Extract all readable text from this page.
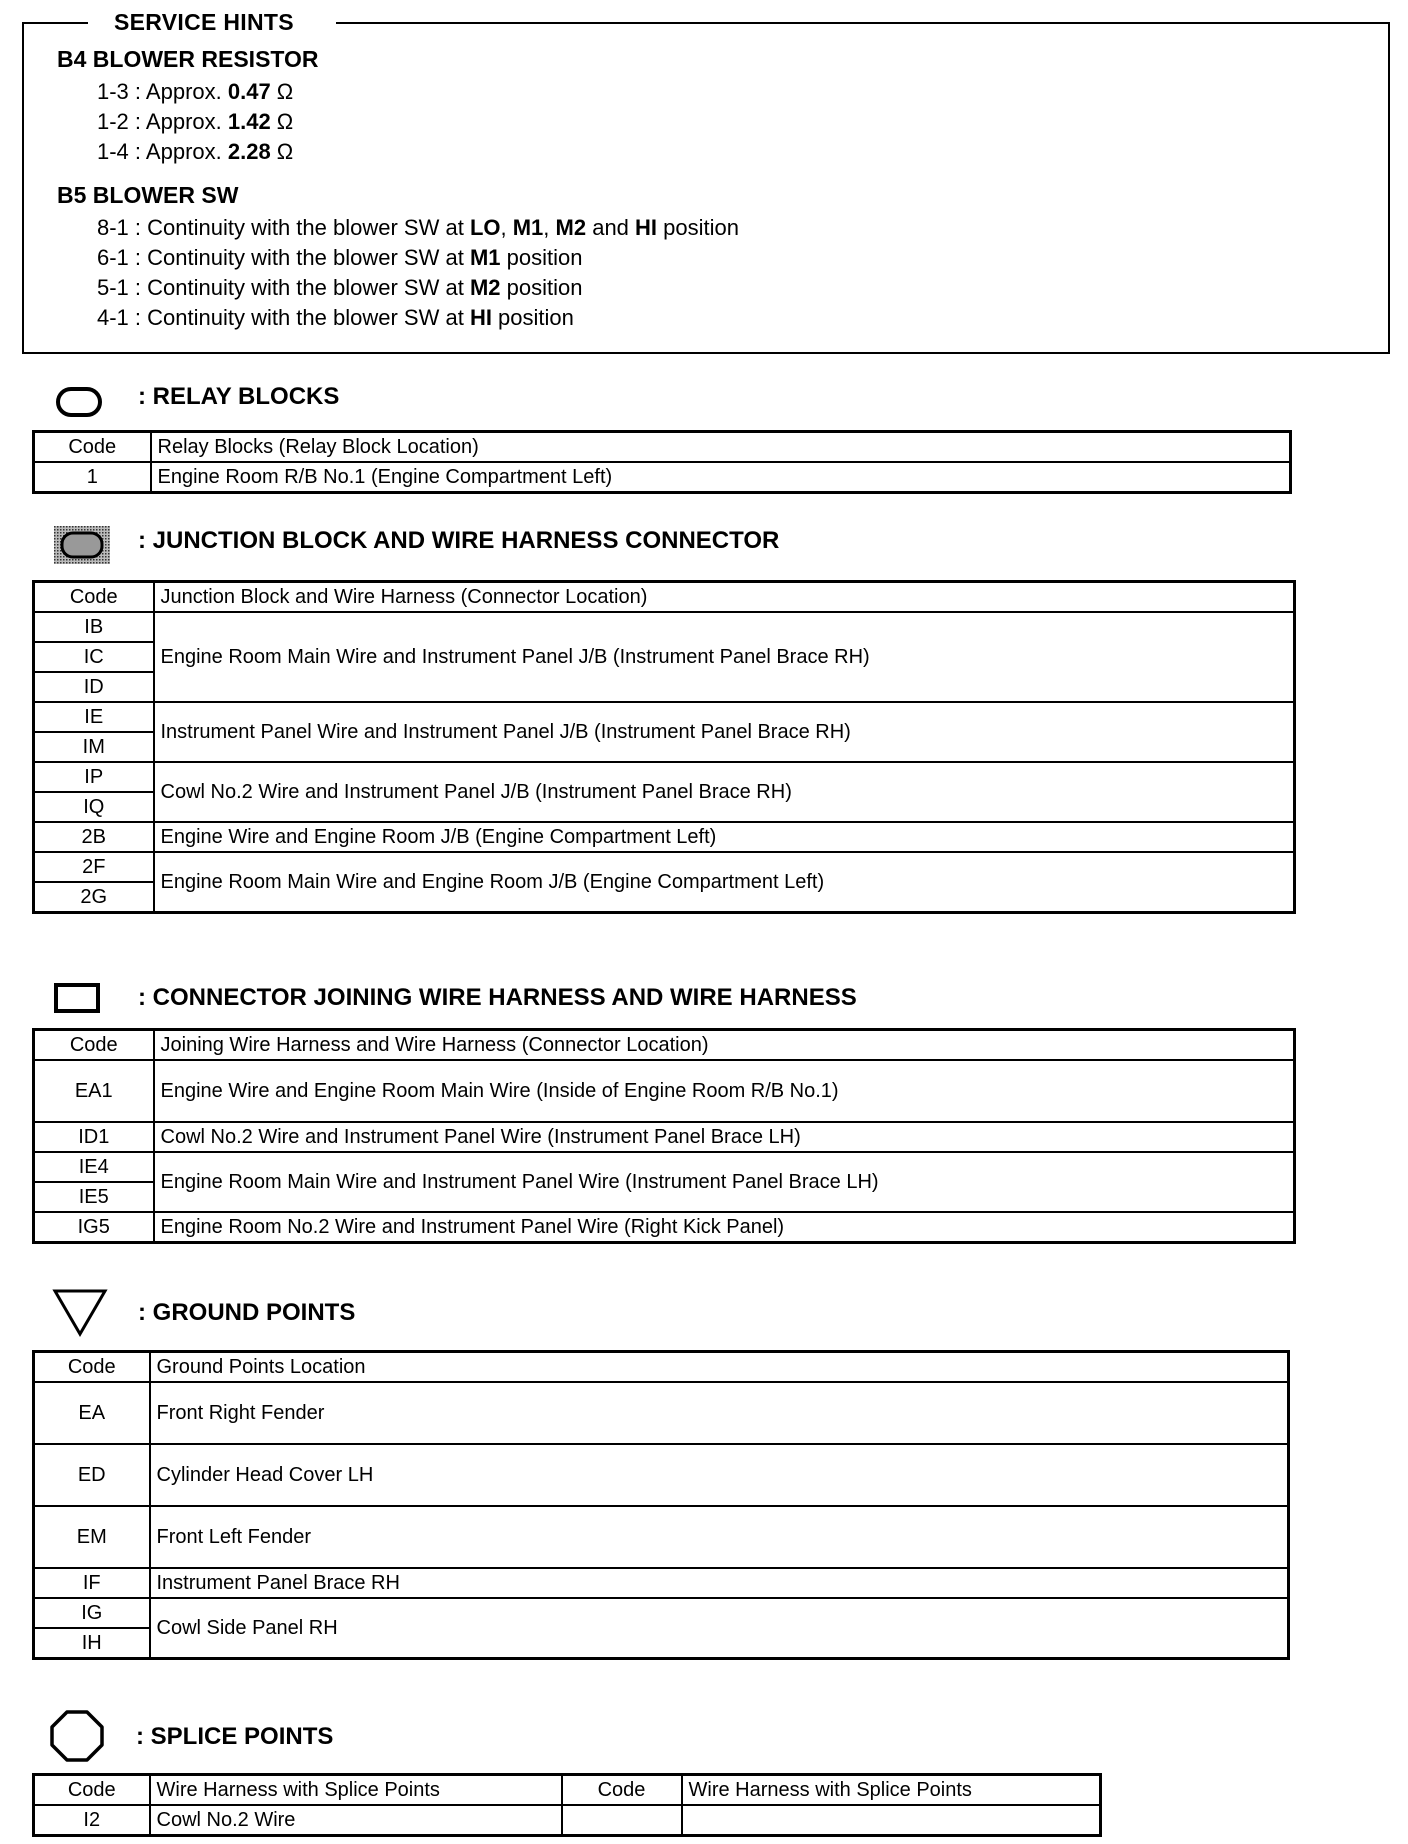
SERVICE HINTS
B4 BLOWER RESISTOR
1-3 : Approx. 0.47 Ω
1-2 : Approx. 1.42 Ω
1-4 : Approx. 2.28 Ω
B5 BLOWER SW
8-1 : Continuity with the blower SW at LO, M1, M2 and HI position
6-1 : Continuity with the blower SW at M1 position
5-1 : Continuity with the blower SW at M2 position
4-1 : Continuity with the blower SW at HI position
: RELAY BLOCKS
Code	Relay Blocks (Relay Block Location)
1	Engine Room R/B No.1 (Engine Compartment Left)
: JUNCTION BLOCK AND WIRE HARNESS CONNECTOR
Code	Junction Block and Wire Harness (Connector Location)
IB	Engine Room Main Wire and Instrument Panel J/B (Instrument Panel Brace RH)
IC	
ID	
IE	Instrument Panel Wire and Instrument Panel J/B (Instrument Panel Brace RH)
IM	
IP	Cowl No.2 Wire and Instrument Panel J/B (Instrument Panel Brace RH)
IQ	
2B	Engine Wire and Engine Room J/B (Engine Compartment Left)
2F	Engine Room Main Wire and Engine Room J/B (Engine Compartment Left)
2G	
: CONNECTOR JOINING WIRE HARNESS AND WIRE HARNESS
Code	Joining Wire Harness and Wire Harness (Connector Location)
EA1	Engine Wire and Engine Room Main Wire (Inside of Engine Room R/B No.1)
ID1	Cowl No.2 Wire and Instrument Panel Wire (Instrument Panel Brace LH)
IE4	Engine Room Main Wire and Instrument Panel Wire (Instrument Panel Brace LH)
IE5	
IG5	Engine Room No.2 Wire and Instrument Panel Wire (Right Kick Panel)
: GROUND POINTS
Code	Ground Points Location
EA	Front Right Fender
ED	Cylinder Head Cover LH
EM	Front Left Fender
IF	Instrument Panel Brace RH
IG	Cowl Side Panel RH
IH	
: SPLICE POINTS
Code	Wire Harness with Splice Points	Code	Wire Harness with Splice Points
I2	Cowl No.2 Wire		
